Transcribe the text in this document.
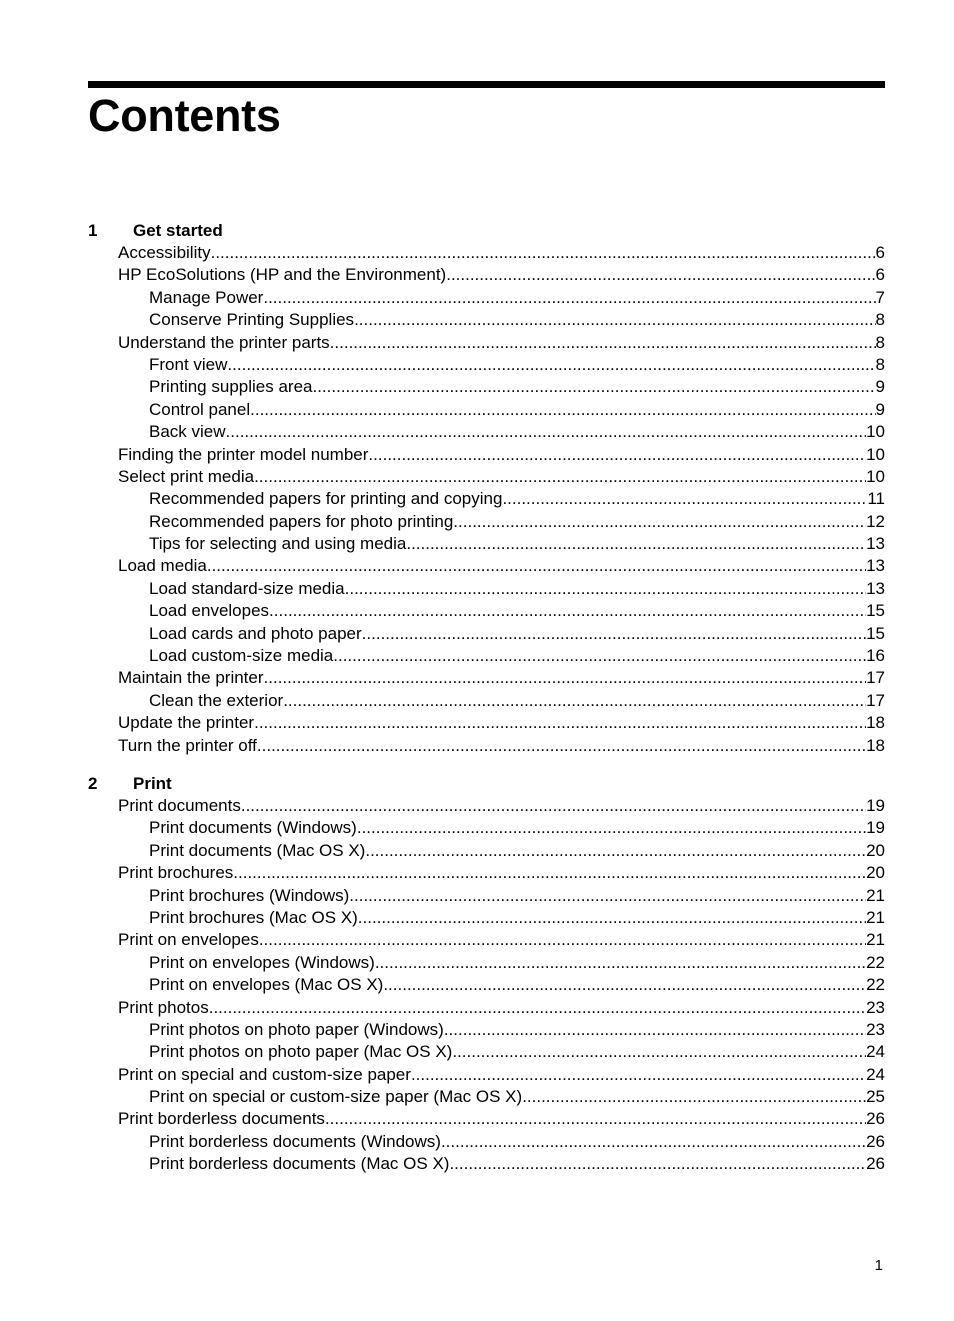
Contents
1	Get started
Accessibility .....	6
HP EcoSolutions (HP and the Environment) .....	6
Manage Power .....	7
Conserve Printing Supplies .....	8
Understand the printer parts .....	8
Front view .....	8
Printing supplies area .....	9
Control panel .....	9
Back view .....	10
Finding the printer model number .....	10
Select print media .....	10
Recommended papers for printing and copying .....	11
Recommended papers for photo printing .....	12
Tips for selecting and using media .....	13
Load media .....	13
Load standard-size media .....	13
Load envelopes .....	15
Load cards and photo paper .....	15
Load custom-size media .....	16
Maintain the printer .....	17
Clean the exterior .....	17
Update the printer .....	18
Turn the printer off .....	18
2	Print
Print documents .....	19
Print documents (Windows) .....	19
Print documents (Mac OS X) .....	20
Print brochures .....	20
Print brochures (Windows) .....	21
Print brochures (Mac OS X) .....	21
Print on envelopes .....	21
Print on envelopes (Windows) .....	22
Print on envelopes (Mac OS X) .....	22
Print photos .....	23
Print photos on photo paper (Windows) .....	23
Print photos on photo paper (Mac OS X) .....	24
Print on special and custom-size paper .....	24
Print on special or custom-size paper (Mac OS X) .....	25
Print borderless documents .....	26
Print borderless documents (Windows) .....	26
Print borderless documents (Mac OS X) .....	26
1
